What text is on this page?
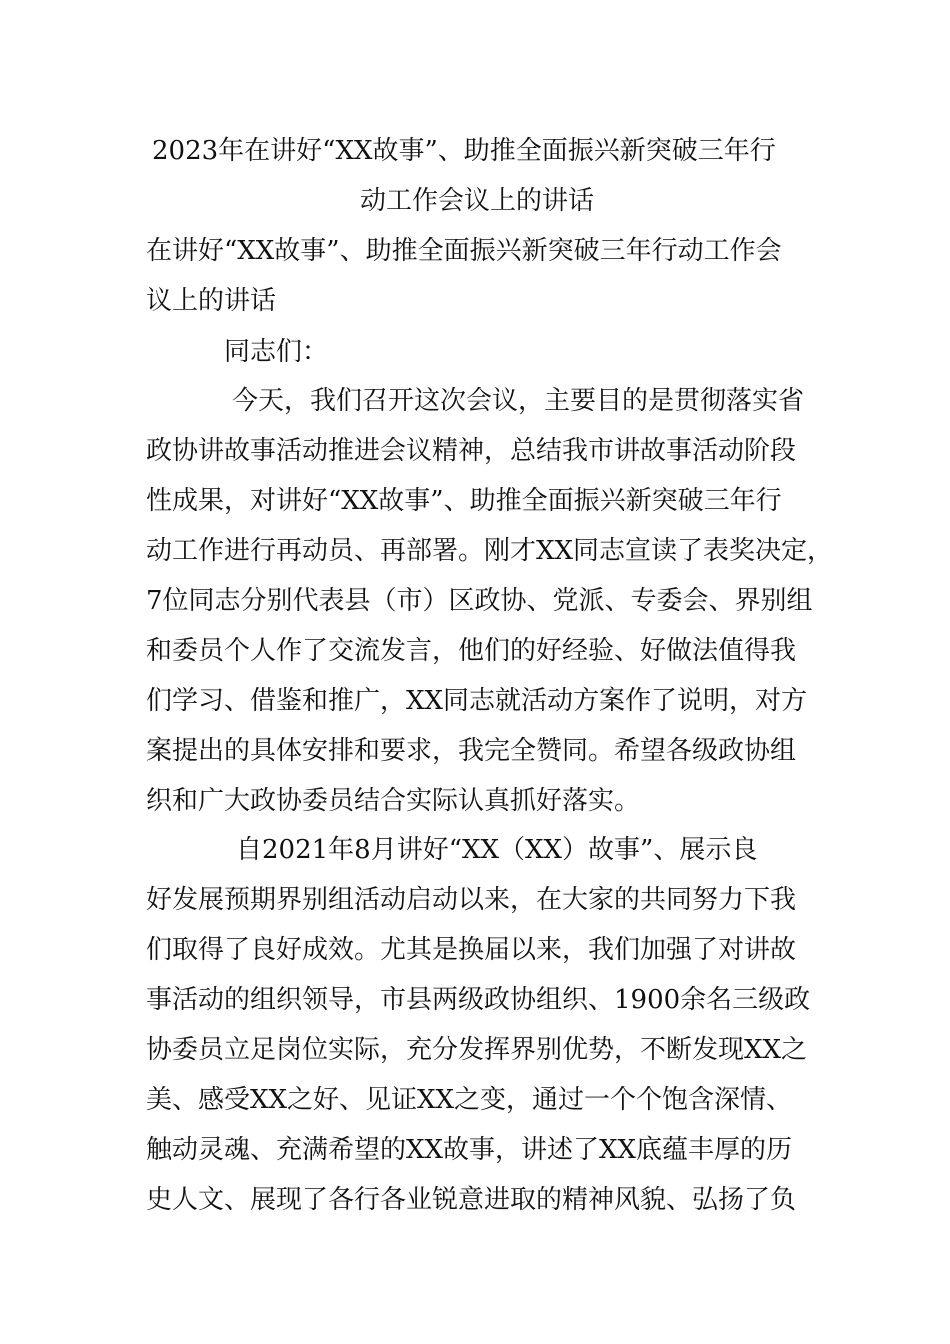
2023年在讲好“XX故事”、助推全面振兴新突破三年行
动工作会议上的讲话
在讲好“XX故事”、助推全面振兴新突破三年行动工作会
议上的讲话
同志们：
今天，我们召开这次会议，主要目的是贯彻落实省
政协讲故事活动推进会议精神，总结我市讲故事活动阶段
性成果，对讲好“XX故事”、助推全面振兴新突破三年行
动工作进行再动员、再部署。刚才XX同志宣读了表奖决定，
7位同志分别代表县（市）区政协、党派、专委会、界别组
和委员个人作了交流发言，他们的好经验、好做法值得我
们学习、借鉴和推广，XX同志就活动方案作了说明，对方
案提出的具体安排和要求，我完全赞同。希望各级政协组
织和广大政协委员结合实际认真抓好落实。
自2021年8月讲好“XX（XX）故事”、展示良
好发展预期界别组活动启动以来，在大家的共同努力下我
们取得了良好成效。尤其是换届以来，我们加强了对讲故
事活动的组织领导，市县两级政协组织、1900余名三级政
协委员立足岗位实际，充分发挥界别优势，不断发现XX之
美、感受XX之好、见证XX之变，通过一个个饱含深情、
触动灵魂、充满希望的XX故事，讲述了XX底蕴丰厚的历
史人文、展现了各行各业锐意进取的精神风貌、弘扬了负
